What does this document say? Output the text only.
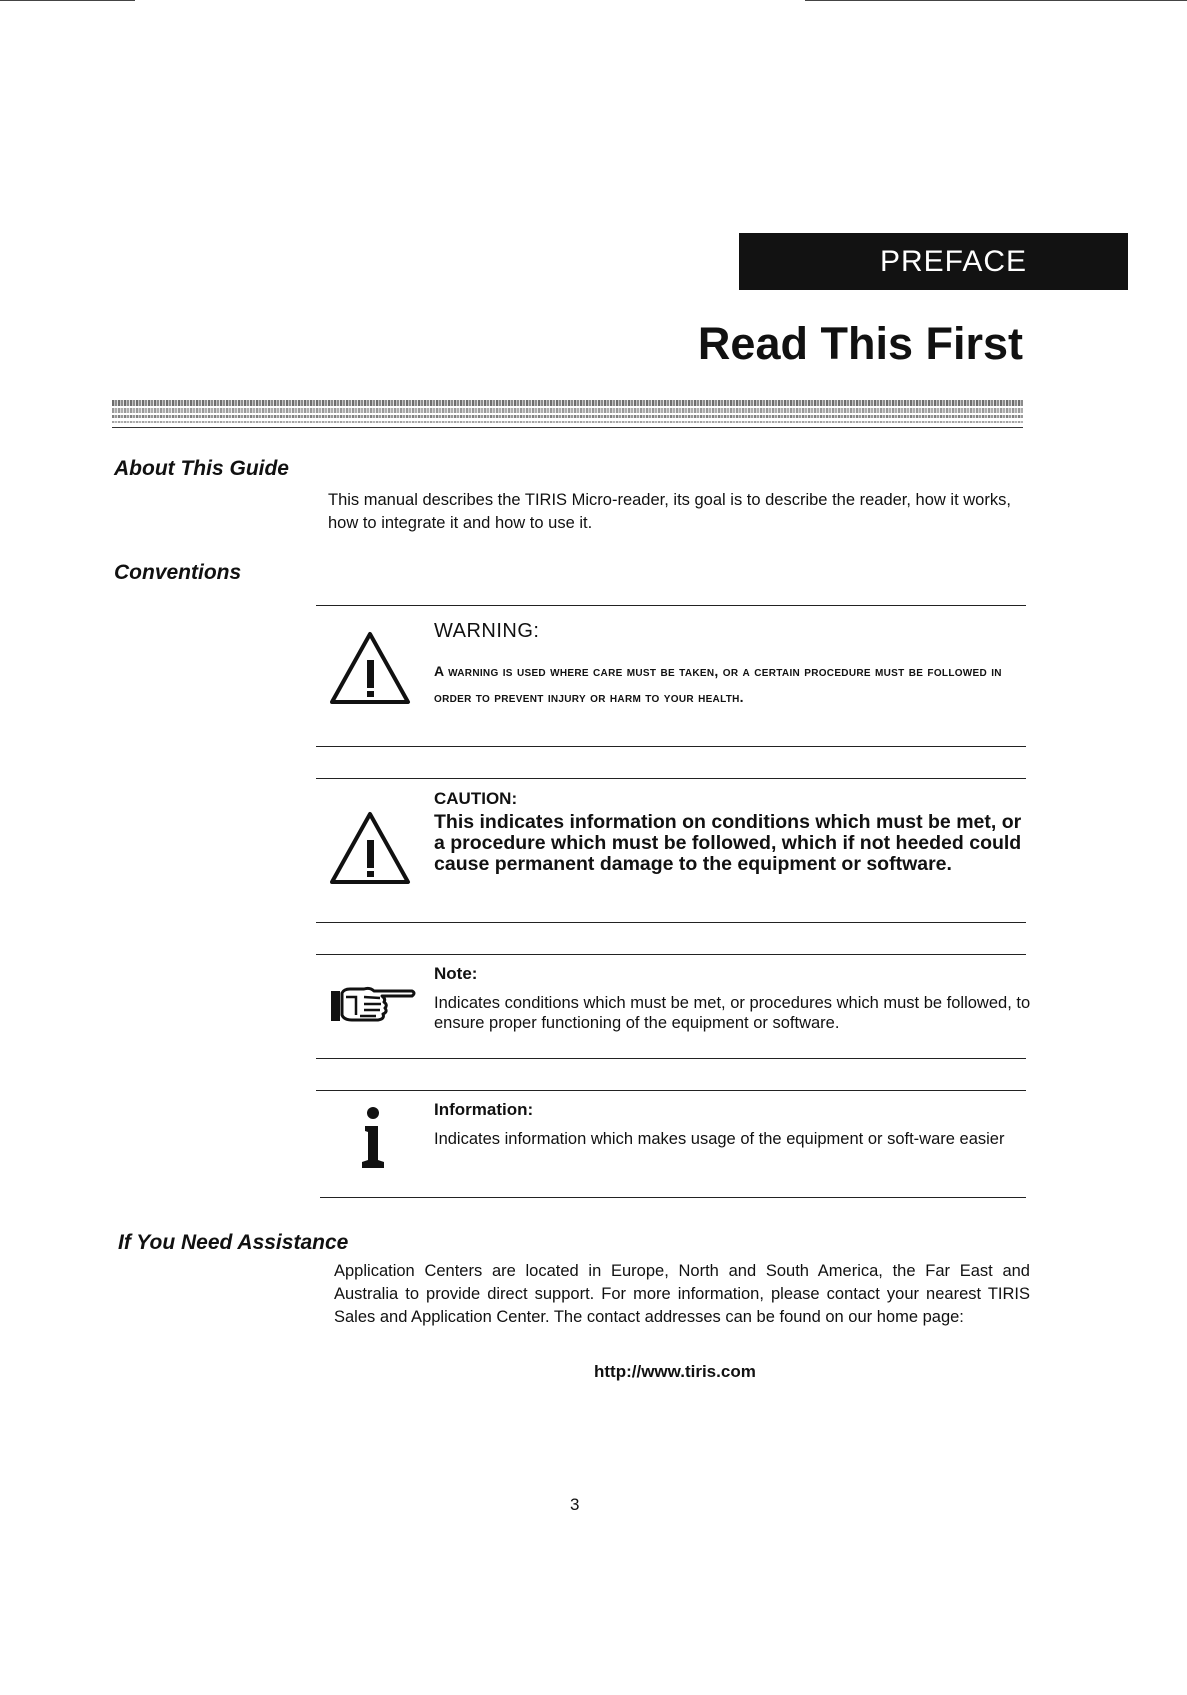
PREFACE
Read This First
About This Guide
This manual describes the TIRIS Micro-reader, its goal is to describe the reader, how it works, how to integrate it and how to use it.
Conventions
WARNING:
A warning is used where care must be taken, or a certain procedure must be followed in order to prevent injury or harm to your health.
CAUTION:
This indicates information on conditions which must be met, or a procedure which must be followed, which if not heeded could cause permanent damage to the equipment or software.
Note:
Indicates conditions which must be met, or procedures which must be followed, to ensure proper functioning of the equipment or software.
Information:
Indicates information which makes usage of the equipment or soft-ware easier
If You Need Assistance
Application Centers are located in Europe, North and South America, the Far East and Australia to provide direct support. For more information, please contact your nearest TIRIS Sales and Application Center. The contact addresses can be found on our home page:
http://www.tiris.com
3
